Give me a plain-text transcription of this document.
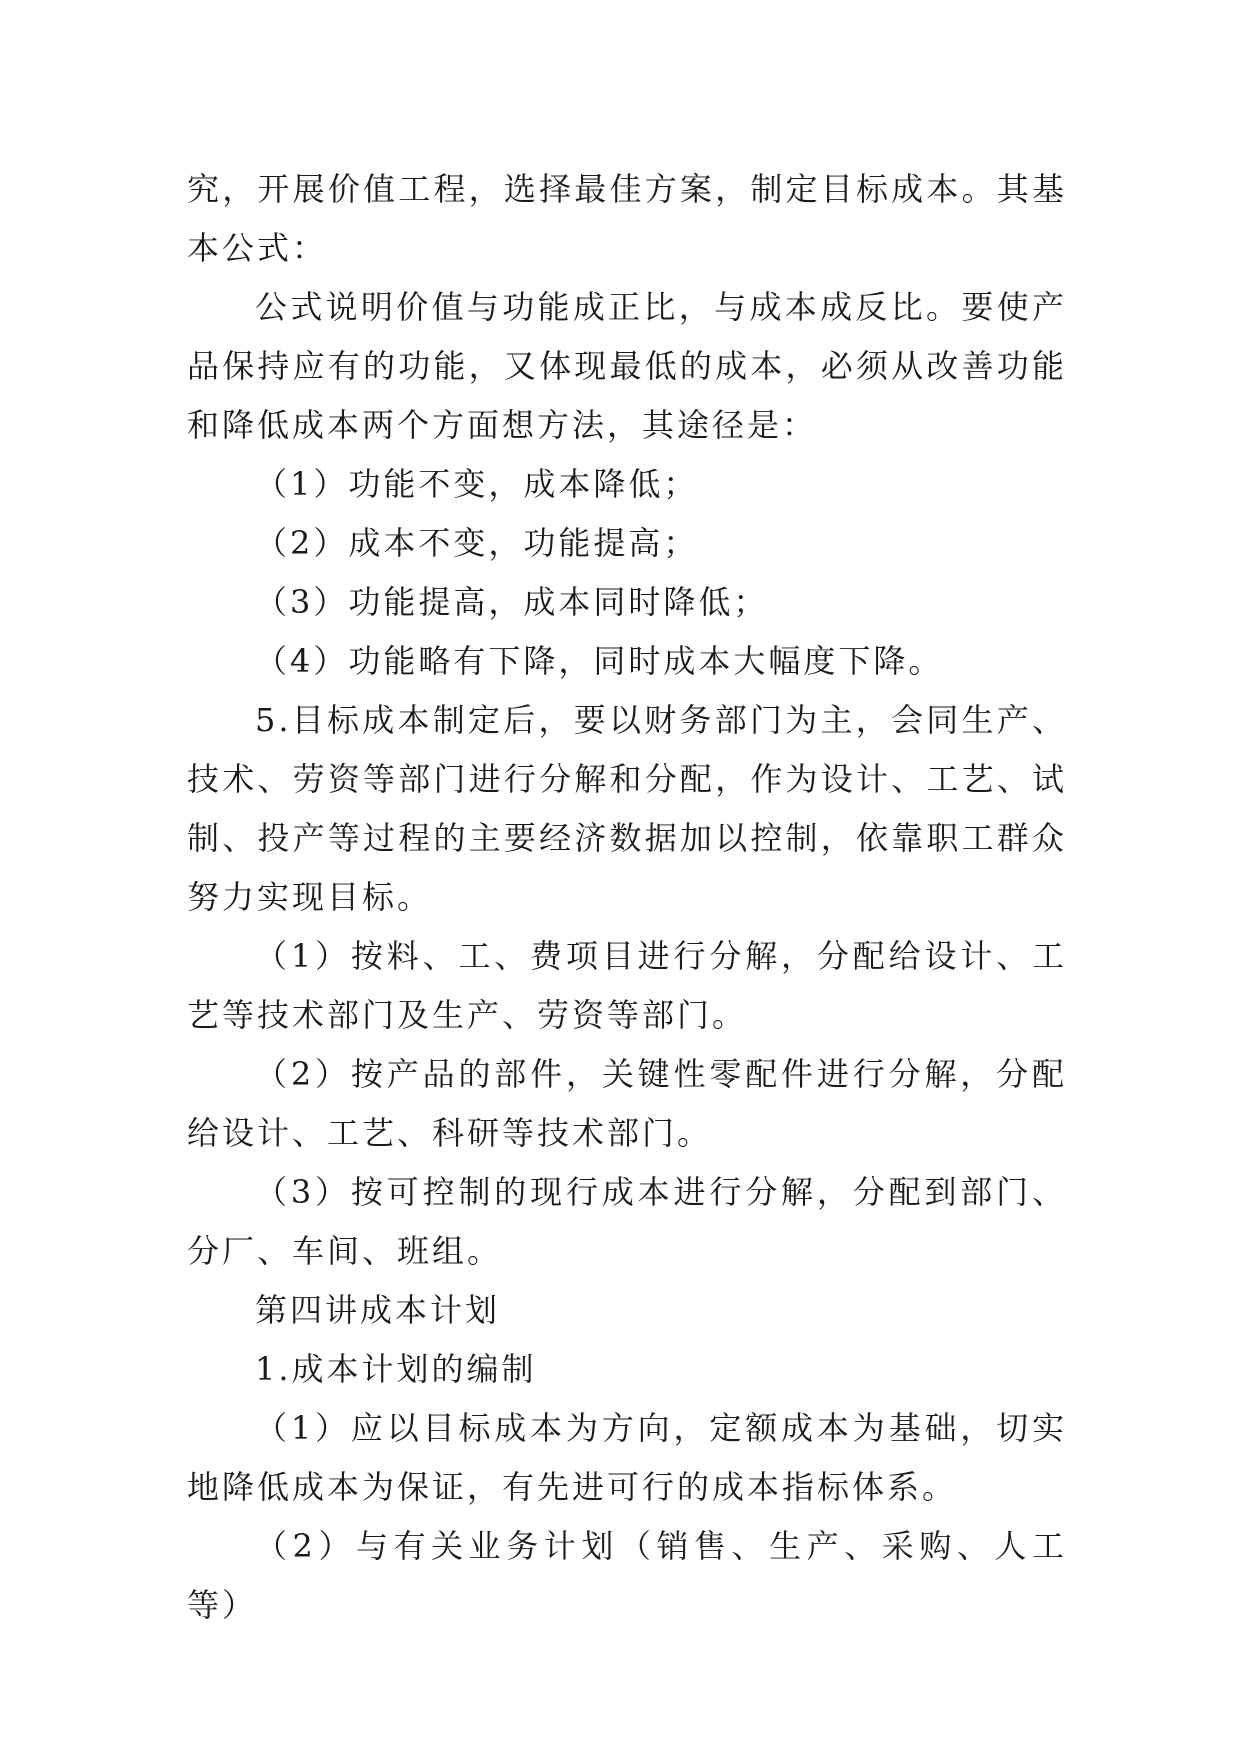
究，开展价值工程，选择最佳方案，制定目标成本。其基本公式：

公式说明价值与功能成正比，与成本成反比。要使产品保持应有的功能，又体现最低的成本，必须从改善功能和降低成本两个方面想方法，其途径是：

（1）功能不变，成本降低；

（2）成本不变，功能提高；

（3）功能提高，成本同时降低；

（4）功能略有下降，同时成本大幅度下降。

5.目标成本制定后，要以财务部门为主，会同生产、技术、劳资等部门进行分解和分配，作为设计、工艺、试制、投产等过程的主要经济数据加以控制，依靠职工群众努力实现目标。

（1）按料、工、费项目进行分解，分配给设计、工艺等技术部门及生产、劳资等部门。

（2）按产品的部件，关键性零配件进行分解，分配给设计、工艺、科研等技术部门。

（3）按可控制的现行成本进行分解，分配到部门、分厂、车间、班组。

第四讲成本计划

1.成本计划的编制

（1）应以目标成本为方向，定额成本为基础，切实地降低成本为保证，有先进可行的成本指标体系。

（2）与有关业务计划（销售、生产、采购、人工等）
